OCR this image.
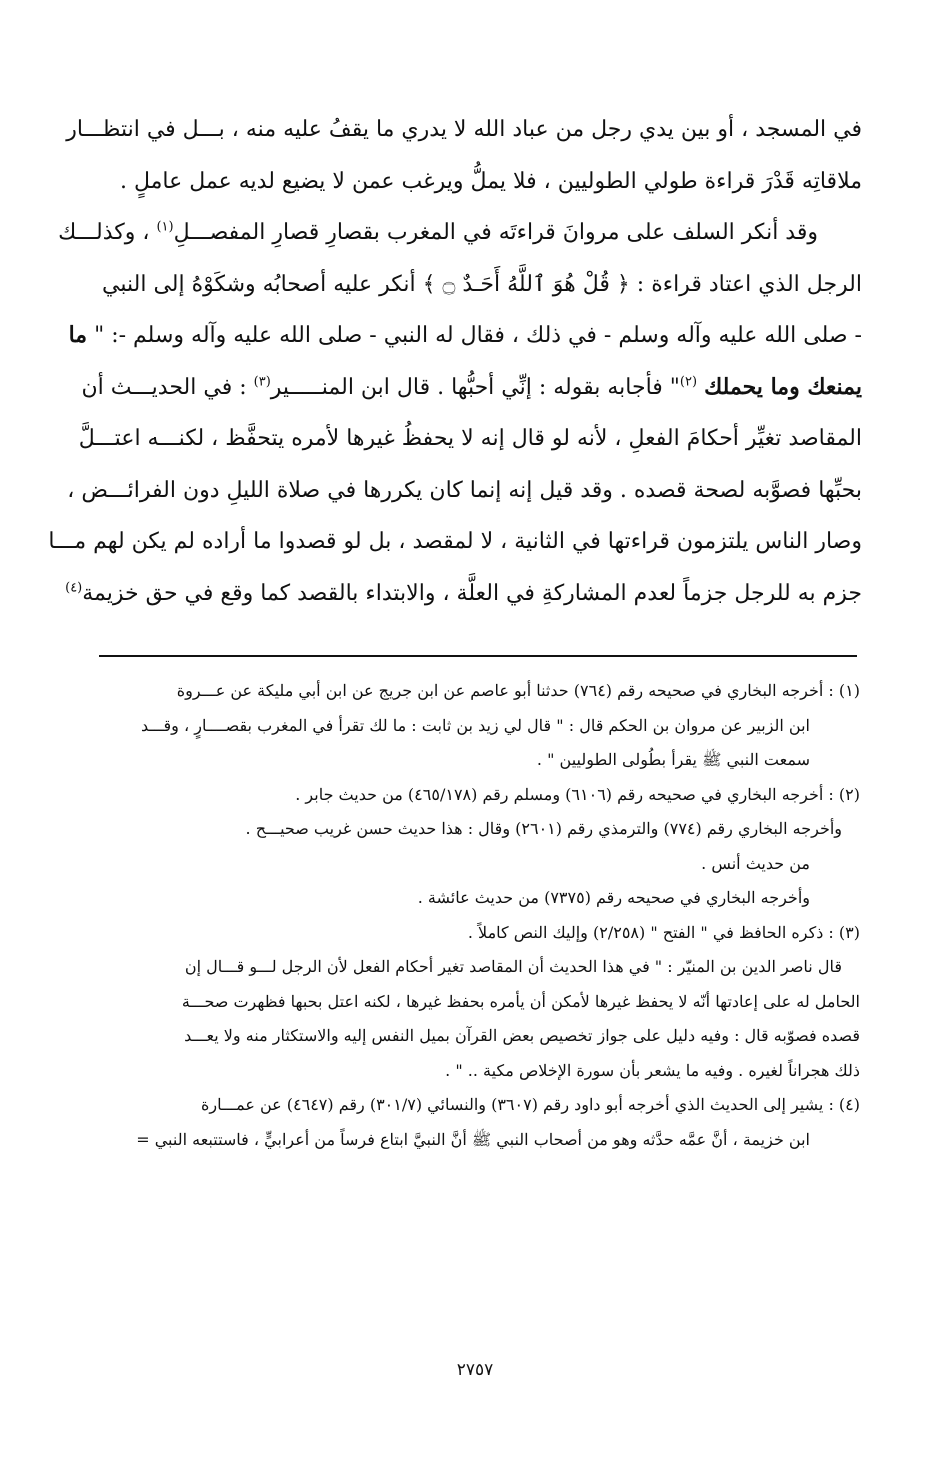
في المسجد ، أو بين يدي رجل من عباد الله لا يدري ما يقفُ عليه منه ، بـــل في انتظـــار
ملاقاتِه قَدْرَ قراءة طولي الطوليين ، فلا يملُّ ويرغب عمن لا يضيع لديه عمل عاملٍ .
وقد أنكر السلف على مروانَ قراءتَه في المغرب بقصارِ قصارِ المفصـــلِ$^{(١)}$ ، وكذلـــك
الرجل الذي اعتاد قراءة : ﴿ قُلْ هُوَ ٱللَّهُ أَحَـدٌ ۝ ﴾ أنكر عليه أصحابُه وشكَوْهُ إلى النبي
- صلى الله عليه وآله وسلم - في ذلك ، فقال له النبي - صلى الله عليه وآله وسلم -: " ما
يمنعك وما يحملك $^{(٢)}$" فأجابه بقوله : إنِّي أحبُّها . قال ابن المنـــــير$^{(٣)}$ : في الحديـــث أن
المقاصد تغيِّر أحكامَ الفعلِ ، لأنه لو قال إنه لا يحفظُ غيرها لأمره يتحفَّظ ، لكنـــه اعتـــلَّ
بحبِّها فصوَّبه لصحة قصده . وقد قيل إنه إنما كان يكررها في صلاة الليلِ دون الفرائـــض ،
وصار الناس يلتزمون قراءتها في الثانية ، لا لمقصد ، بل لو قصدوا ما أراده لم يكن لهم مـــا
جزم به للرجل جزماً لعدم المشاركةِ في العلَّة ، والابتداء بالقصد كما وقع في حق خزيمة$^{(٤)}$
(١) : أخرجه البخاري في صحيحه رقم (٧٦٤) حدثنا أبو عاصم عن ابن جريج عن ابن أبي مليكة عن عـــروة
ابن الزبير عن مروان بن الحكم قال : " قال لي زيد بن ثابت : ما لك تقرأ في المغرب بقصــــارٍ ، وقـــد
سمعت النبي ﷺ يقرأ بطُولى الطوليين " .
(٢) : أخرجه البخاري في صحيحه رقم (٦١٠٦) ومسلم رقم (٤٦٥/١٧٨) من حديث جابر .
وأخرجه البخاري رقم (٧٧٤) والترمذي رقم (٢٦٠١) وقال : هذا حديث حسن غريب صحيـــح .
من حديث أنس .
وأخرجه البخاري في صحيحه رقم (٧٣٧٥) من حديث عائشة .
(٣) : ذكره الحافظ في " الفتح " (٢/٢٥٨) وإليك النص كاملاً .
قال ناصر الدين بن المنيّر : " في هذا الحديث أن المقاصد تغير أحكام الفعل لأن الرجل لـــو قـــال إن
الحامل له على إعادتها أنّه لا يحفظ غيرها لأمكن أن يأمره بحفظ غيرها ، لكنه اعتل بحبها فظهرت صحـــة
قصده فصوّبه قال : وفيه دليل على جواز تخصيص بعض القرآن بميل النفس إليه والاستكثار منه ولا يعـــد
ذلك هجراناً لغيره . وفيه ما يشعر بأن سورة الإخلاص مكية .. " .
(٤) : يشير إلى الحديث الذي أخرجه أبو داود رقم (٣٦٠٧) والنسائي (٣٠١/٧) رقم (٤٦٤٧) عن عمـــارة
ابن خزيمة ، أنَّ عمَّه حدَّثه وهو من أصحاب النبي ﷺ أنَّ النبيَّ ابتاع فرساً من أعرابيٍّ ، فاستتبعه النبي =
٢٧٥٧
